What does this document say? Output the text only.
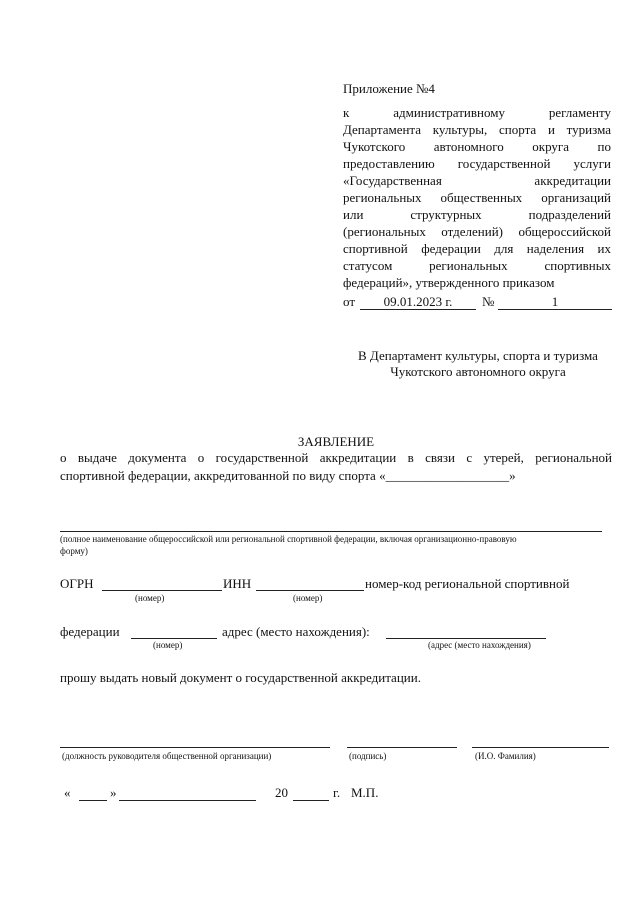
Приложение №4
к административному регламенту
Департамента культуры, спорта и туризма
Чукотского автономного округа по
предоставлению государственной услуги
«Государственная аккредитации
региональных общественных организаций
или структурных подразделений
(региональных отделений) общероссийской
спортивной федерации для наделения их
статусом региональных спортивных
федераций», утвержденного приказом
от	09.01.2023 г.	№	1
В Департамент культуры, спорта и туризма
Чукотского автономного округа
ЗАЯВЛЕНИЕ
о выдаче документа о государственной аккредитации в связи с утерей, региональной
спортивной федерации, аккредитованной по виду спорта «___________________»
(полное наименование общероссийской или региональной спортивной федерации, включая организационно-правовую
форму)
ОГРН	ИНН	номер-код региональной спортивной
(номер)	(номер)
федерации	адрес (место нахождения):
(номер)	(адрес (место нахождения)
прошу выдать новый документ о государственной аккредитации.
(должность руководителя общественной организации)	(подпись)	(И.О. Фамилия)
«	»	20	г. М.П.
